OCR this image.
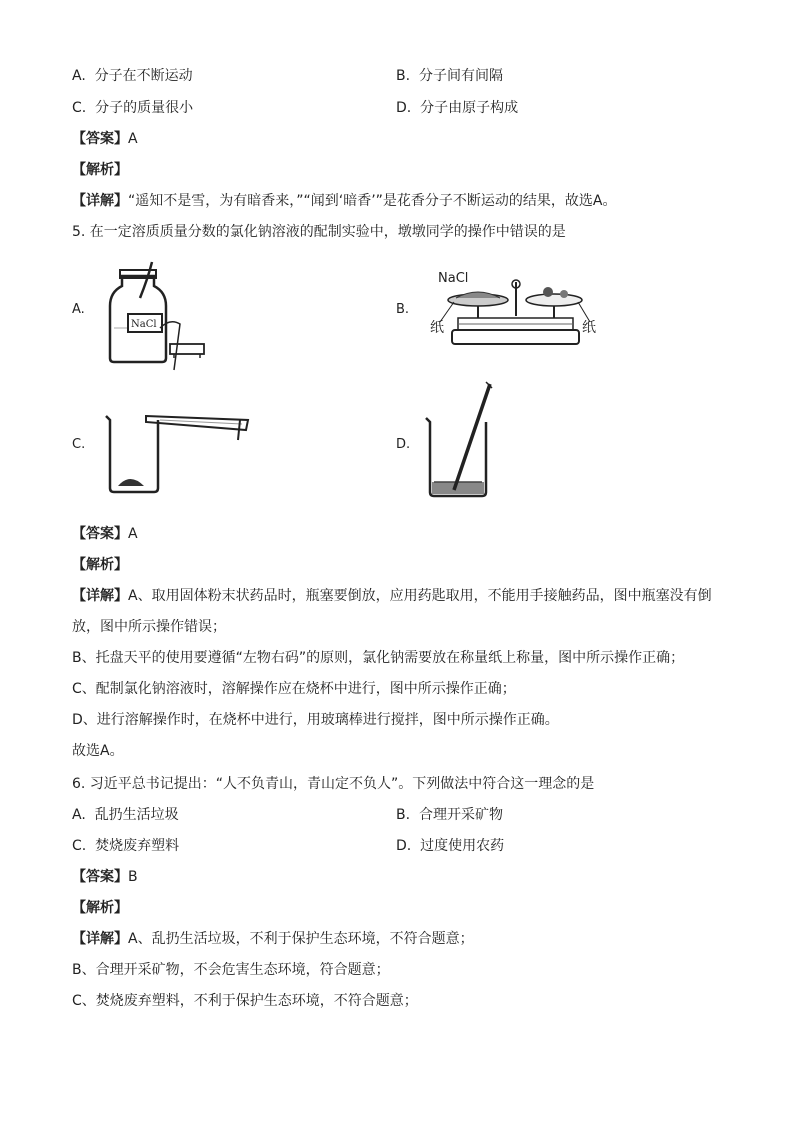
A. 分子在不断运动	B. 分子间有间隔
C. 分子的质量很小	D. 分子由原子构成
【 答案 】 A
【 解析 】
【 详解 】 “遥知不是雪，为有暗香来，”“闻到‘暗香’”是花香分子不断运动的结果，故选A。
5. 在一定溶质质量分数的氯化钠溶液的配制实验中，墩墩同学的操作中错误的是
A.
NaCl
B.
NaCl
纸	纸
C.	D.
【 答案 】 A
【 解析 】
【 详解 】 A、取用固体粉末状药品时，瓶塞要倒放，应用药匙取用，不能用手接触药品，图中瓶塞没有倒
放，图中所示操作错误；
B、托盘天平的使用要遵循“左物右码”的原则，氯化钠需要放在称量纸上称量，图中所示操作正确；
C、配制氯化钠溶液时，溶解操作应在烧杯中进行，图中所示操作正确；
D、进行溶解操作时，在烧杯中进行，用玻璃棒进行搅拌，图中所示操作正确。
故选A。
6. 习近平总书记提出：“人不负青山，青山定不负人”。下列做法中符合这一理念的是
A. 乱扔生活垃圾	B. 合理开采矿物
C. 焚烧废弃塑料	D. 过度使用农药
【 答案 】 B
【 解析 】
【 详解 】 A、乱扔生活垃圾，不利于保护生态环境，不符合题意；
B、合理开采矿物，不会危害生态环境，符合题意；
C、焚烧废弃塑料，不利于保护生态环境，不符合题意；
